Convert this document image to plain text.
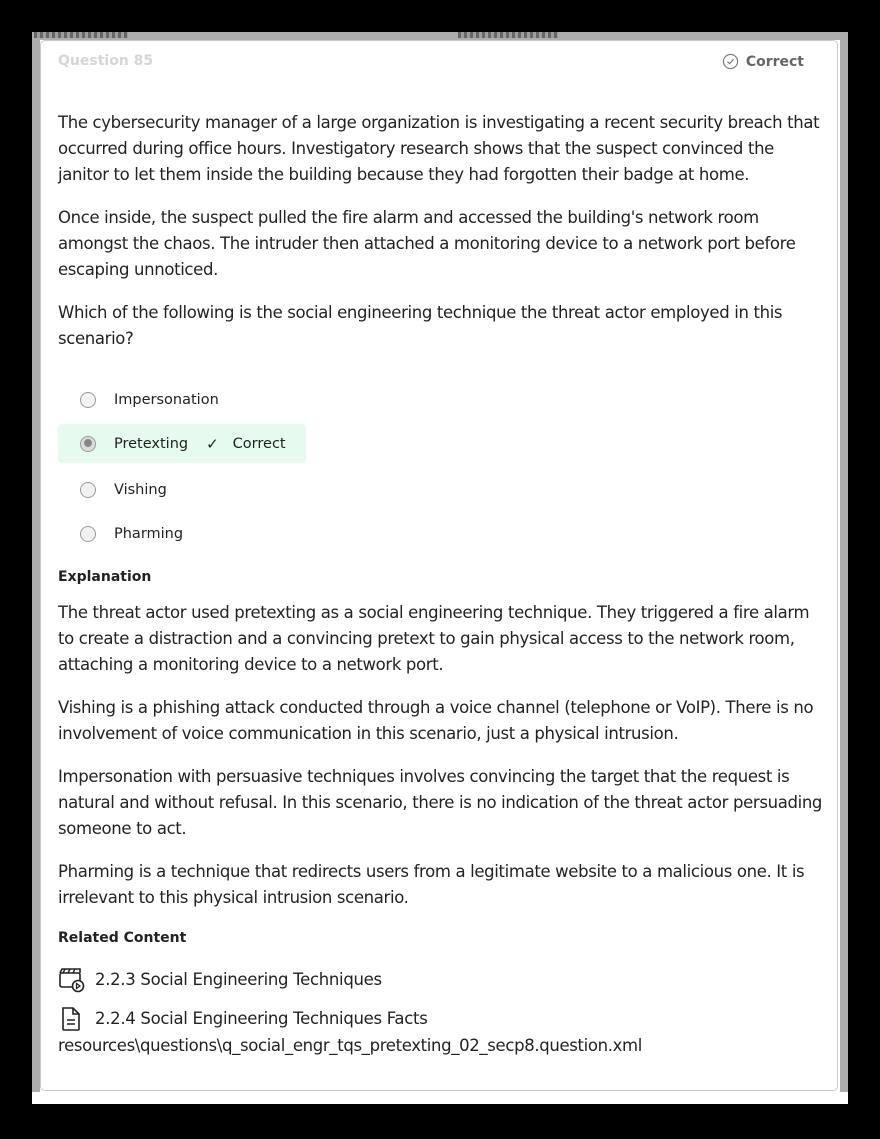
Question 85	Correct

The cybersecurity manager of a large organization is investigating a recent security breach that occurred during office hours. Investigatory research shows that the suspect convinced the janitor to let them inside the building because they had forgotten their badge at home.

Once inside, the suspect pulled the fire alarm and accessed the building's network room amongst the chaos. The intruder then attached a monitoring device to a network port before escaping unnoticed.

Which of the following is the social engineering technique the threat actor employed in this scenario?

Impersonation
Pretexting ✓ Correct
Vishing
Pharming
Explanation

The threat actor used pretexting as a social engineering technique. They triggered a fire alarm to create a distraction and a convincing pretext to gain physical access to the network room, attaching a monitoring device to a network port.

Vishing is a phishing attack conducted through a voice channel (telephone or VoIP). There is no involvement of voice communication in this scenario, just a physical intrusion.

Impersonation with persuasive techniques involves convincing the target that the request is natural and without refusal. In this scenario, there is no indication of the threat actor persuading someone to act.

Pharming is a technique that redirects users from a legitimate website to a malicious one. It is irrelevant to this physical intrusion scenario.

Related Content
2.2.3 Social Engineering Techniques
2.2.4 Social Engineering Techniques Facts
resources\questions\q_social_engr_tqs_pretexting_02_secp8.question.xml
